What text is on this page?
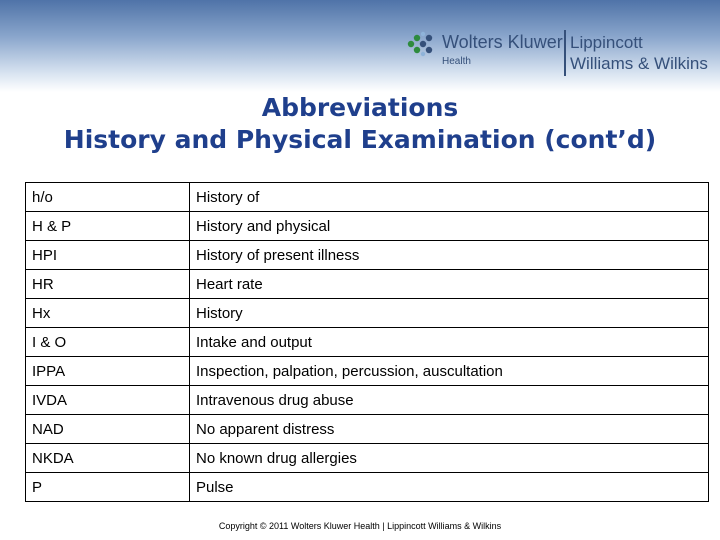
Wolters Kluwer
Health
Lippincott
Williams & Wilkins
Abbreviations
History and Physical Examination (cont’d)
h/o	History of
H & P	History and physical
HPI	History of present illness
HR	Heart rate
Hx	History
I & O	Intake and output
IPPA	Inspection, palpation, percussion, auscultation
IVDA	Intravenous drug abuse
NAD	No apparent distress
NKDA	No known drug allergies
P	Pulse
Copyright © 2011 Wolters Kluwer Health | Lippincott Williams & Wilkins
